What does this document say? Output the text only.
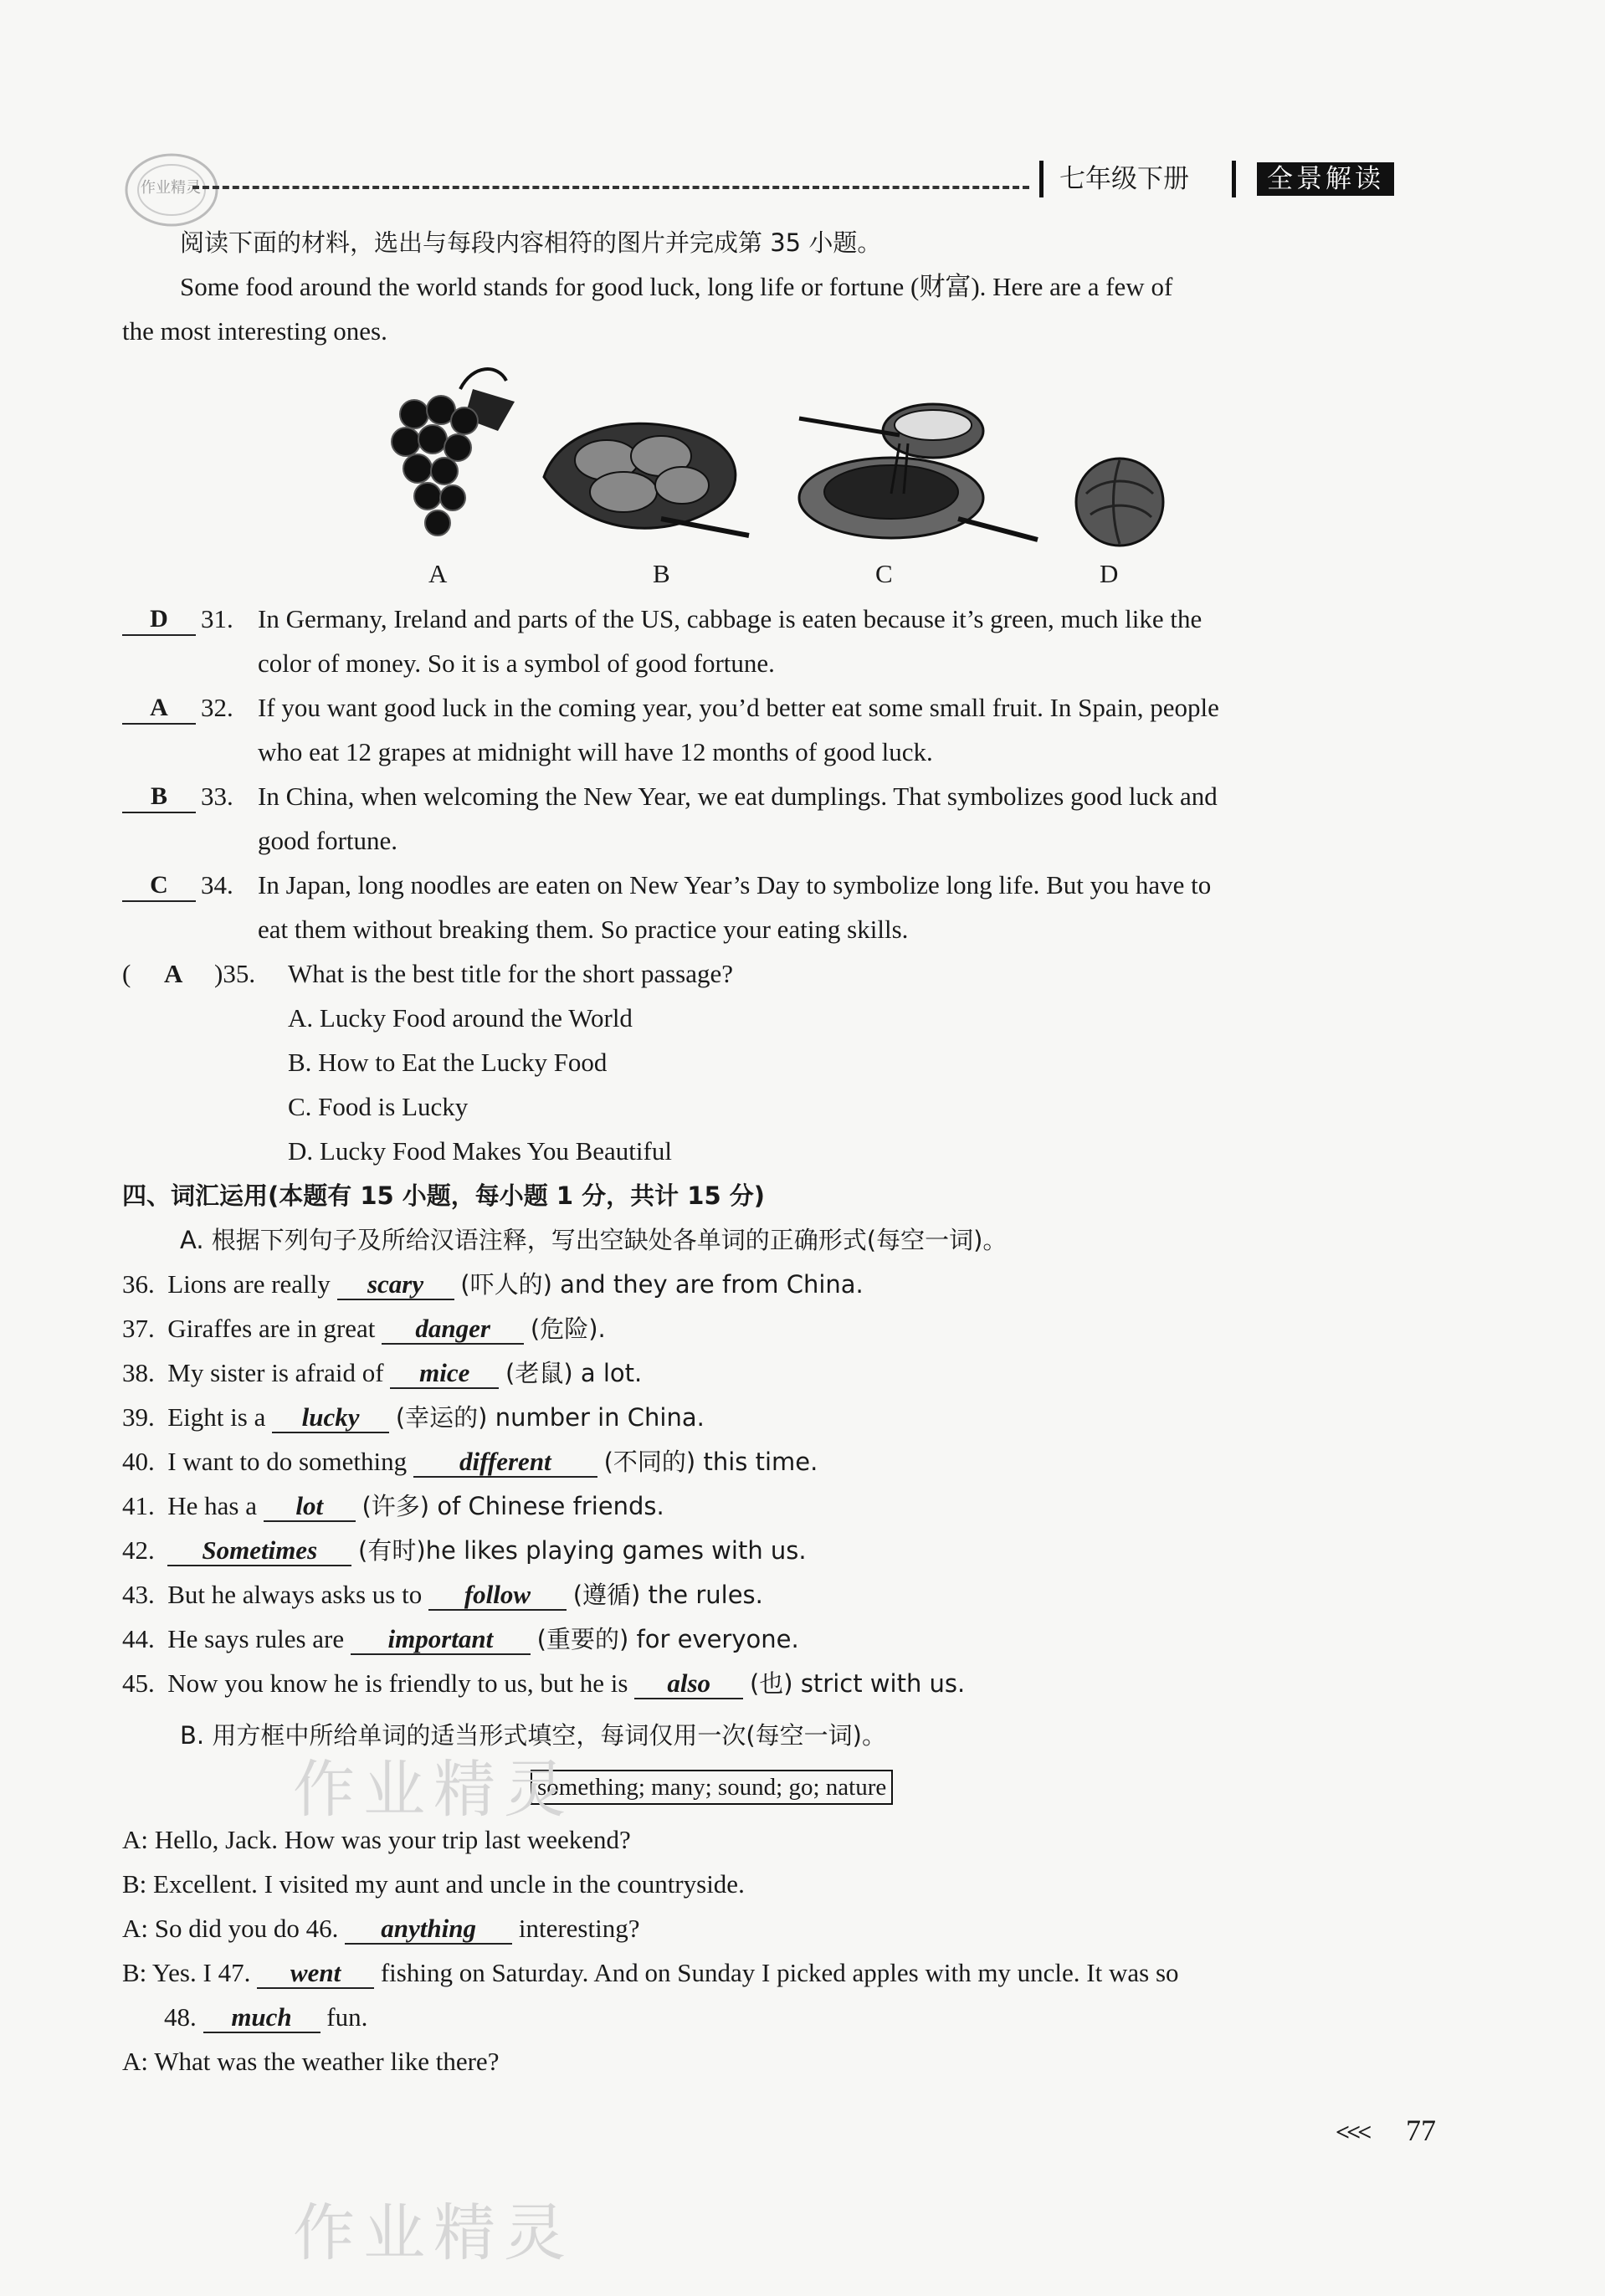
作业精灵	七年级下册	全景解读
阅读下面的材料，选出与每段内容相符的图片并完成第 35 小题。
Some food around the world stands for good luck, long life or fortune (财富). Here are a few of
the most interesting ones.
A	B	C	D
D	31. In Germany, Ireland and parts of the US, cabbage is eaten because it’s green, much like the
color of money. So it is a symbol of good fortune.
A	32. If you want good luck in the coming year, you’d better eat some small fruit. In Spain, people
who eat 12 grapes at midnight will have 12 months of good luck.
B	33. In China, when welcoming the New Year, we eat dumplings. That symbolizes good luck and
good fortune.
C	34. In Japan, long noodles are eaten on New Year’s Day to symbolize long life. But you have to
eat them without breaking them. So practice your eating skills.
( A )35. What is the best title for the short passage?
A. Lucky Food around the World
B. How to Eat the Lucky Food
C. Food is Lucky
D. Lucky Food Makes You Beautiful
四、词汇运用(本题有 15 小题，每小题 1 分，共计 15 分)
A. 根据下列句子及所给汉语注释，写出空缺处各单词的正确形式(每空一词)。
36. Lions are really scary (吓人的) and they are from China.
37. Giraffes are in great danger (危险).
38. My sister is afraid of mice (老鼠) a lot.
39. Eight is a lucky (幸运的) number in China.
40. I want to do something different (不同的) this time.
41. He has a lot (许多) of Chinese friends.
42. Sometimes (有时)he likes playing games with us.
43. But he always asks us to follow (遵循) the rules.
44. He says rules are important (重要的) for everyone.
45. Now you know he is friendly to us, but he is also (也) strict with us.
B. 用方框中所给单词的适当形式填空，每词仅用一次(每空一词)。
something; many; sound; go; nature
A: Hello, Jack. How was your trip last weekend?
B: Excellent. I visited my aunt and uncle in the countryside.
A: So did you do 46. anything interesting?
B: Yes. I 47. went fishing on Saturday. And on Sunday I picked apples with my uncle. It was so
48. much fun.
A: What was the weather like there?
作业精灵
作业精灵
<<< 77
